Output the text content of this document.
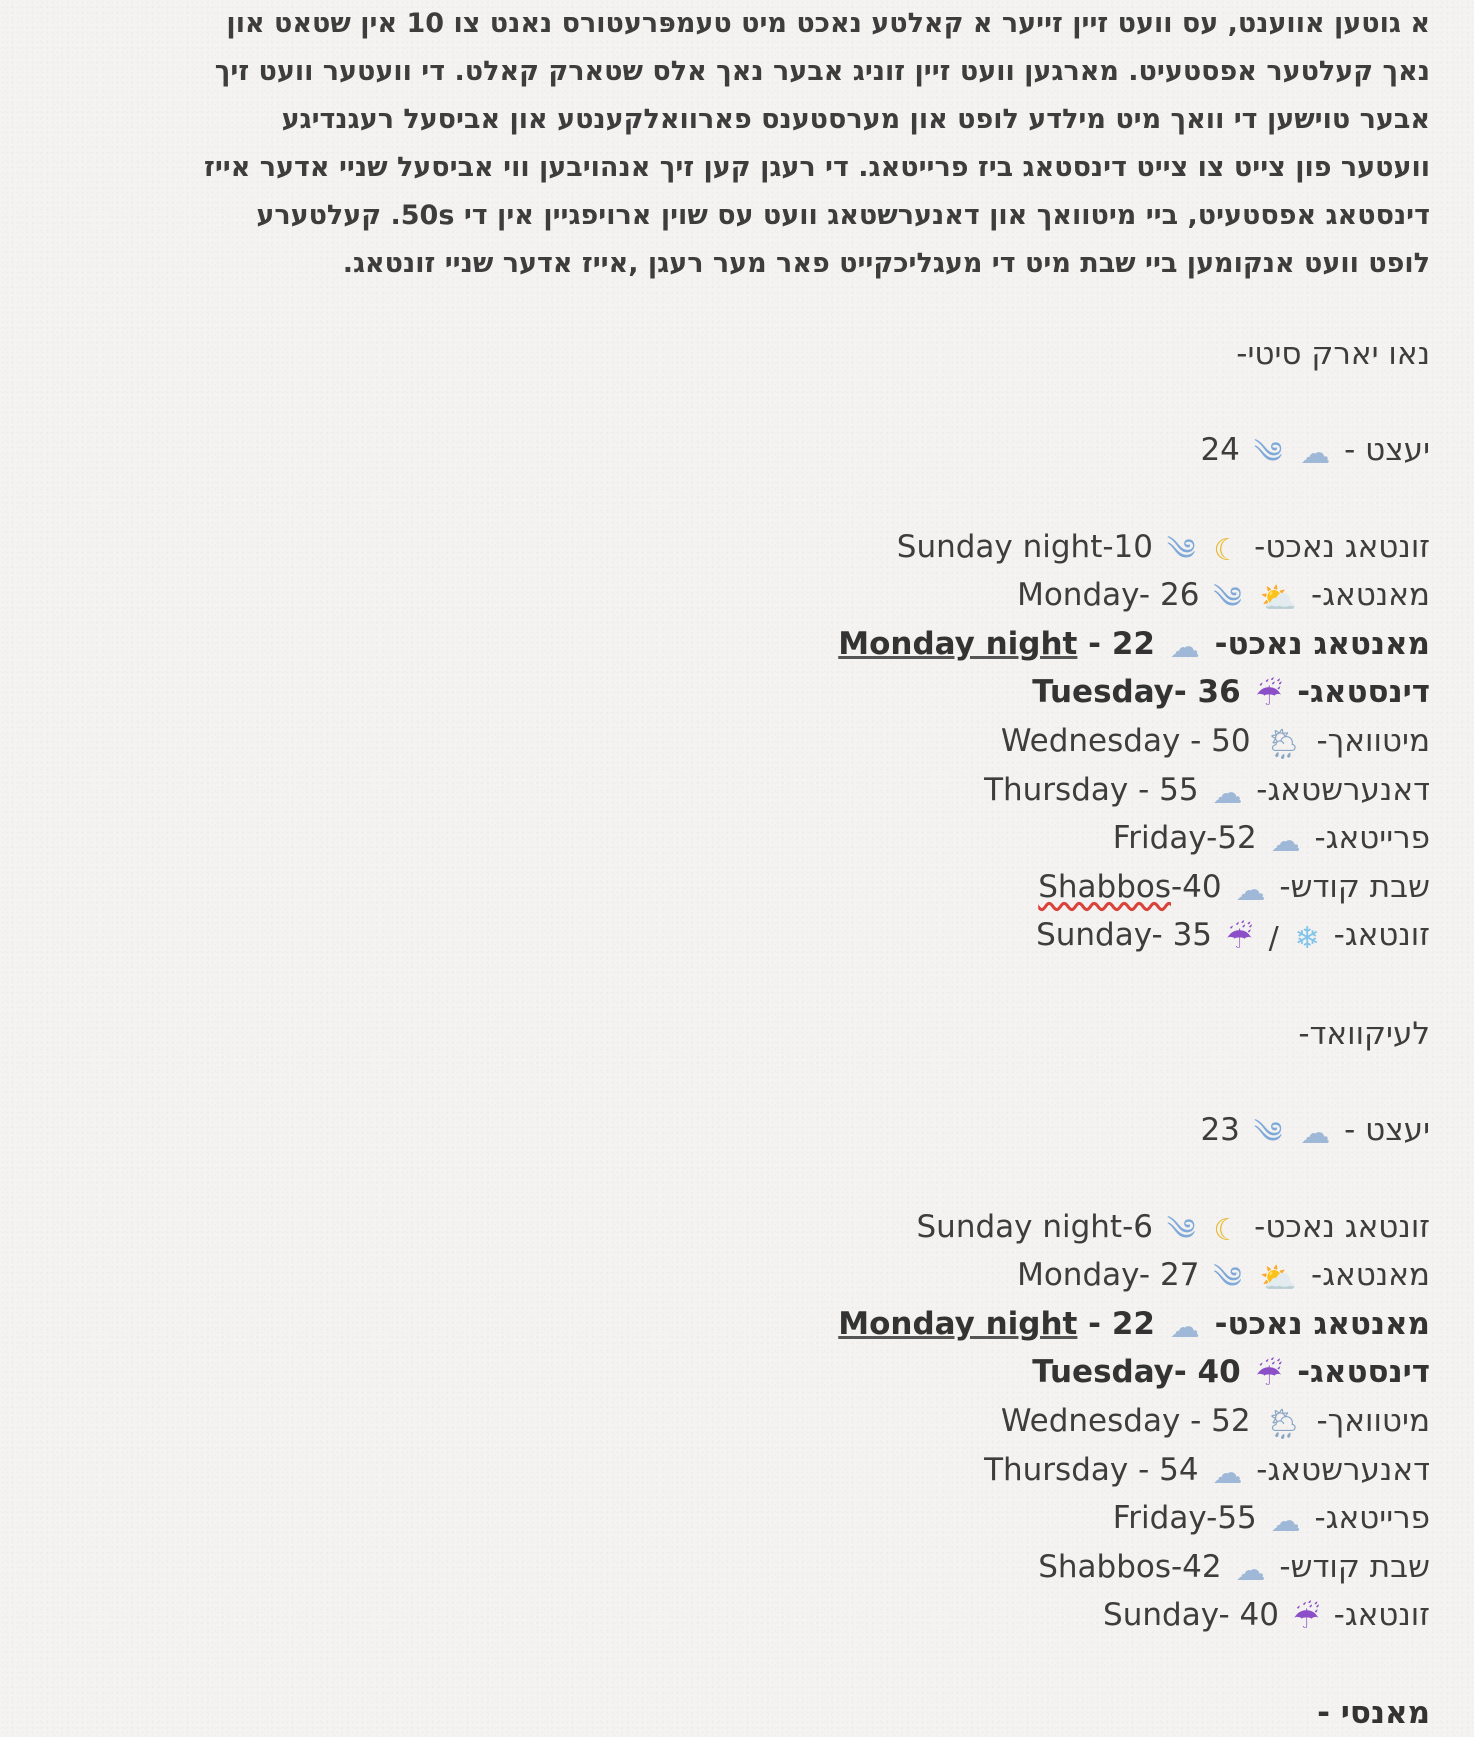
א גוטען אווענט, עס וועט זיין זייער א קאלטע נאכט מיט טעמפּרעטורס נאנט צו 10 אין שטאט און
נאך קעלטער אפסטעיט. מארגען וועט זיין זוניג אבער נאך אלס שטארק קאלט. די וועטער וועט זיך
אבער טוישען די וואך מיט מילדע לופט און מערסטענס פארוואלקענטע און אביסעל רעגנדיגע
וועטער פון צייט צו צייט דינסטאג ביז פרייטאג. די רעגן קען זיך אנהויבען ווי אביסעל שניי אדער אייז
דינסטאג אפסטעיט, ביי מיטוואך און דאנערשטאג וועט עס שוין ארויפגיין אין די 50s. קעלטערע
לופט וועט אנקומען ביי שבת מיט די מעגליכקייט פאר מער רעגן ,אייז אדער שניי זונטאג.
נאו יארק סיטי-
יעצט - ☁ ༄ 24
זונטאג נאכט- ☾ ༄ Sunday night-10
מאנטאג- ⛅ ༄ Monday- 26
מאנטאג נאכט- ☁ Monday night - 22
דינסטאג- ☔ Tuesday- 36
מיטוואך- 🌦 Wednesday - 50
דאנערשטאג- ☁ Thursday - 55
פרייטאג- ☁ Friday-52
שבת קודש- ☁ Shabbos-40
זונטאג- ❄ / ☔ Sunday- 35
לעיקוואד-
יעצט - ☁ ༄ 23
זונטאג נאכט- ☾ ༄ Sunday night-6
מאנטאג- ⛅ ༄ Monday- 27
מאנטאג נאכט- ☁ Monday night - 22
דינסטאג- ☔ Tuesday- 40
מיטוואך- 🌦 Wednesday - 52
דאנערשטאג- ☁ Thursday - 54
פרייטאג- ☁ Friday-55
שבת קודש- ☁ Shabbos-42
זונטאג- ☔ Sunday- 40
מאנסי -
